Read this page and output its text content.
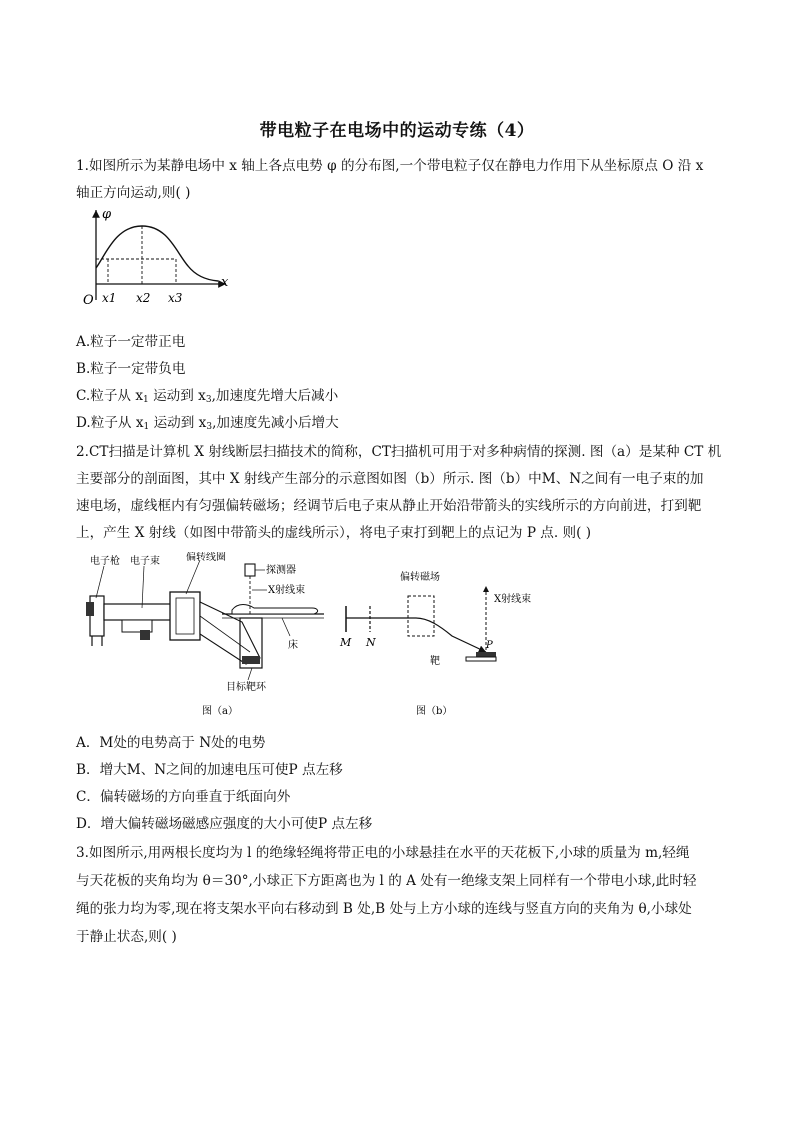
带电粒子在电场中的运动专练（4）
1.如图所示为某静电场中 x 轴上各点电势 φ 的分布图,一个带电粒子仅在静电力作用下从坐标原点 O 沿 x
轴正方向运动,则( )
φ
x
O x1 x2 x3
A.粒子一定带正电
B.粒子一定带负电
C.粒子从 $x_1$ 运动到 $x_3$,加速度先增大后减小
D.粒子从 $x_1$ 运动到 $x_3$,加速度先减小后增大
2.CT扫描是计算机 X 射线断层扫描技术的简称，CT扫描机可用于对多种病情的探测. 图（a）是某种 CT 机
主要部分的剖面图，其中 X 射线产生部分的示意图如图（b）所示. 图（b）中M、N之间有一电子束的加
速电场，虚线框内有匀强偏转磁场；经调节后电子束从静止开始沿带箭头的实线所示的方向前进，打到靶
上，产生 X 射线（如图中带箭头的虚线所示），将电子束打到靶上的点记为 P 点. 则( )
电子枪 电子束	偏转线圈
探测器
X射线束
床
目标靶环
图（a）
偏转磁场
X射线束
M N	P
靶
图（b）
A．M处的电势高于 N处的电势
B．增大M、N之间的加速电压可使P 点左移
C．偏转磁场的方向垂直于纸面向外
D．增大偏转磁场磁感应强度的大小可使P 点左移
3.如图所示,用两根长度均为 l 的绝缘轻绳将带正电的小球悬挂在水平的天花板下,小球的质量为 m,轻绳
与天花板的夹角均为 θ＝30°,小球正下方距离也为 l 的 A 处有一绝缘支架上同样有一个带电小球,此时轻
绳的张力均为零,现在将支架水平向右移动到 B 处,B 处与上方小球的连线与竖直方向的夹角为 θ,小球处
于静止状态,则( )
